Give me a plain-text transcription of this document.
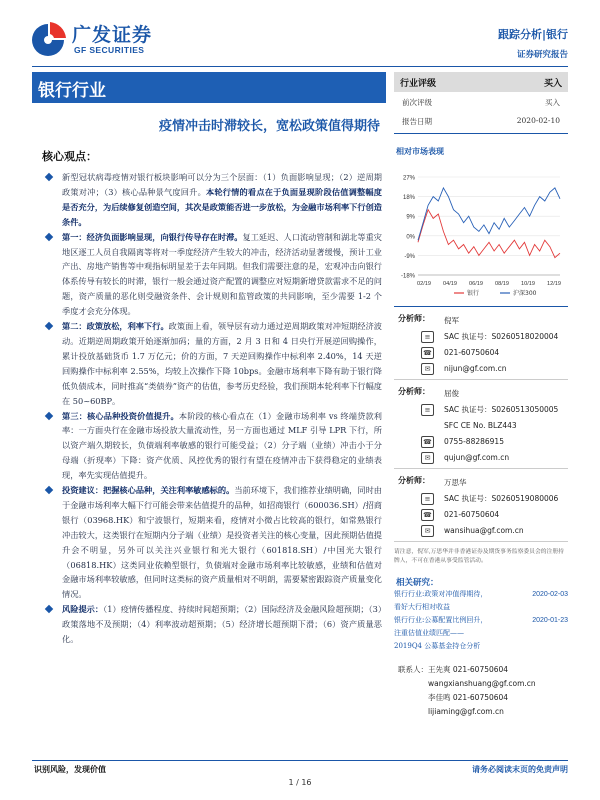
广发证券
GF SECURITIES
跟踪分析|银行
证券研究报告
银行行业
疫情冲击时滞较长，宽松政策值得期待
核心观点：
新型冠状病毒疫情对银行板块影响可以分为三个层面：（1）负面影响显现；（2）逆周期政策对冲；（3）核心品种景气度回升。本轮行情的看点在于负面显现阶段估值调整幅度是否充分，为后续修复创造空间，其次是政策能否进一步放松，为金融市场利率下行创造条件。
第一：经济负面影响显现，向银行传导存在时滞。复工延迟、人口流动管制和湖北等重灾地区逐工人员自我隔离等将对一季度经济产生较大的冲击，经济活动显著缓慢，预计工业产出、房地产销售等中观指标明显差于去年同期。但我们需要注意的是，宏观冲击向银行体系传导有较长的时滞，银行一般会通过资产配置的调整应对短期新增贷款需求不足的问题，资产质量的恶化则受融资条件、会计规则和监管政策的共同影响，至少需要 1-2 个季度才会充分体现。
第二：政策放松，利率下行。政策面上看，领导层有动力通过逆周期政策对冲短期经济波动。近期逆周期政策开始逐渐加码；量的方面，2 月 3 日和 4 日央行开展逆回购操作，累计投放基础货币 1.7 万亿元；价的方面，7 天逆回购操作中标利率 2.40%，14 天逆回购操作中标利率 2.55%，均较上次操作下降 10bps。金融市场利率下降有助于银行降低负债成本，同时推高“类债券”资产的估值，参考历史经验，我们预期本轮利率下行幅度在 50~60BP。
第三：核心品种投资价值提升。本阶段的核心看点在（1）金融市场利率 vs 终端贷款利率：一方面央行在金融市场投放大量流动性，另一方面也通过 MLF 引导 LPR 下行，所以资产端久期较长，负债端利率敏感的银行可能受益；（2）分子端（业绩）冲击小于分母端（折现率）下降：资产优质、风控优秀的银行有望在疫情冲击下获得稳定的业绩表现，率先实现估值提升。
投资建议：把握核心品种，关注利率敏感标的。当前环境下，我们推荐业绩明确，同时由于金融市场利率大幅下行可能会带来估值提升的品种，如招商银行（600036.SH）/招商银行（03968.HK）和宁波银行，短期来看，疫情对小微占比较高的银行，如常熟银行冲击较大，这类银行在短期内分子端（业绩）是投资者关注的核心变量，因此预期估值提升会不明显，另外可以关注兴业银行和光大银行（601818.SH）/中国光大银行（06818.HK）这类同业依赖型银行，负债端对金融市场利率比较敏感，业绩和估值对金融市场利率较敏感，但同时这类标的资产质量相对不明朗，需要紧密跟踪资产质量变化情况。
风险提示：（1）疫情传播程度、持续时间超预期；（2）国际经济及金融风险超预期；（3）政策落地不及预期；（4）利率波动超预期；（5）经济增长超预期下滑；（6）资产质量恶化。
行业评级	买入
前次评级	买入
报告日期	2020-02-10
相对市场表现
27%
18%
9%
0%
-9%
-18%
02/19 04/19 06/19 08/19 10/19 12/19
银行	沪深300
分析师：	倪军
≡	SAC 执证号：S0260518020004
☎ 021-60750604
✉	nijun@gf.com.cn
分析师：	屈俊
≡	SAC 执证号：S0260513050005
SFC CE No. BLZ443
☎ 0755-88286915
✉	qujun@gf.com.cn
分析师：	万思华
≡	SAC 执证号：S0260519080006
☎ 021-60750604
✉	wansihua@gf.com.cn
请注意，倪军,万思华并非香港证券及期货事务监察委员会的注册持牌人，不可在香港从事受监管活动。
相关研究：
银行行业:政策对冲值得期待，	2020-02-03
看好大行相对收益
银行行业:公募配置比例回升，	2020-01-23
注重估值业绩匹配——
2019Q4 公募基金持仓分析
联系人： 王先爽 021-60750604
wangxianshuang@gf.com.cn
李佳鸣 021-60750604
lijiaming@gf.com.cn
识别风险，发现价值	请务必阅读末页的免责声明
1 / 16
